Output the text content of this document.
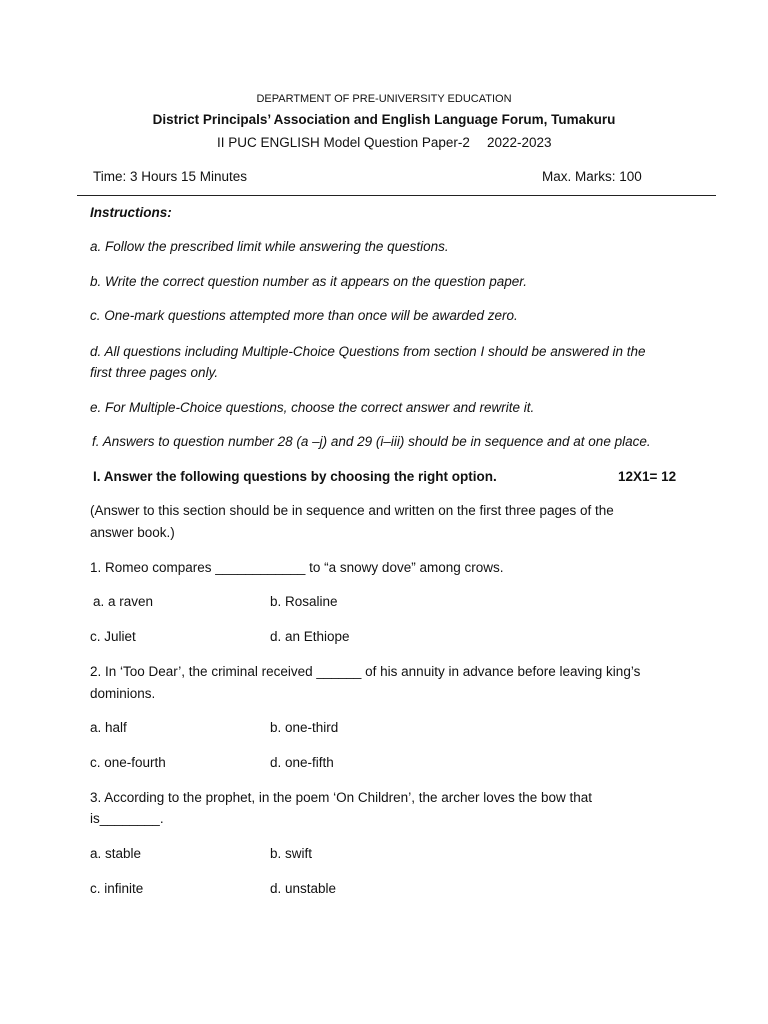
DEPARTMENT OF PRE-UNIVERSITY EDUCATION
District Principals’ Association and English Language Forum, Tumakuru
II PUC ENGLISH Model Question Paper-2 2022-2023
Time: 3 Hours 15 Minutes	Max. Marks: 100
Instructions:
a. Follow the prescribed limit while answering the questions.
b. Write the correct question number as it appears on the question paper.
c. One-mark questions attempted more than once will be awarded zero.
d. All questions including Multiple-Choice Questions from section I should be answered in the
first three pages only.
e. For Multiple-Choice questions, choose the correct answer and rewrite it.
f. Answers to question number 28 (a –j) and 29 (i–iii) should be in sequence and at one place.
I. Answer the following questions by choosing the right option.	12X1= 12
(Answer to this section should be in sequence and written on the first three pages of the
answer book.)
1. Romeo compares ____________ to “a snowy dove” among crows.
a. a raven	b. Rosaline
c. Juliet	d. an Ethiope
2. In ‘Too Dear’, the criminal received ______ of his annuity in advance before leaving king’s
dominions.
a. half	b. one-third
c. one-fourth	d. one-fifth
3. According to the prophet, in the poem ‘On Children’, the archer loves the bow that
is________.
a. stable	b. swift
c. infinite	d. unstable
